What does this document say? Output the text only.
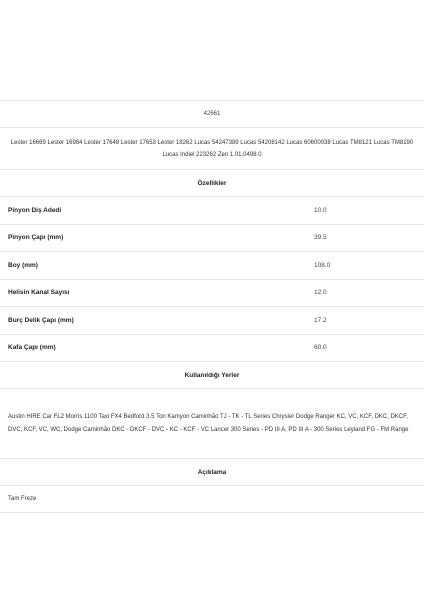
42661
Lester 16669 Lester 16984 Lester 17648 Lester 17653 Lester 18262 Lucas 54247389 Lucas 54208142 Lucas 60600038 Lucas TM8121 Lucas TM8190 Lucas Indiel 223262 Zen 1.01.0498.0
Özellikler
Pinyon Diş Adedi	10.0
Pinyon Çapı (mm)	39.5
Boy (mm)	108.0
Helisin Kanal Sayısı	12.0
Burç Delik Çapı (mm)	17.2
Kafa Çapı (mm)	60.0
Kullanıldığı Yerler
Austin HIRE Car FL2 Morris 1100 Taxi FX4 Bedford 3.5 Ton Kamyon Caminhão TJ - TK - TL Series Chrysler Dodge Ranger KC, VC, KCF, DKC, DKCF, DVC, KCF, VC, WC, Dodge Caminhão DKC - DKCF - DVC - KC - KCF - VC Lancer 300 Series - PD III A, PD III A - 300 Series Leyland FG - FM Range
Açıklama
Tam Freze
